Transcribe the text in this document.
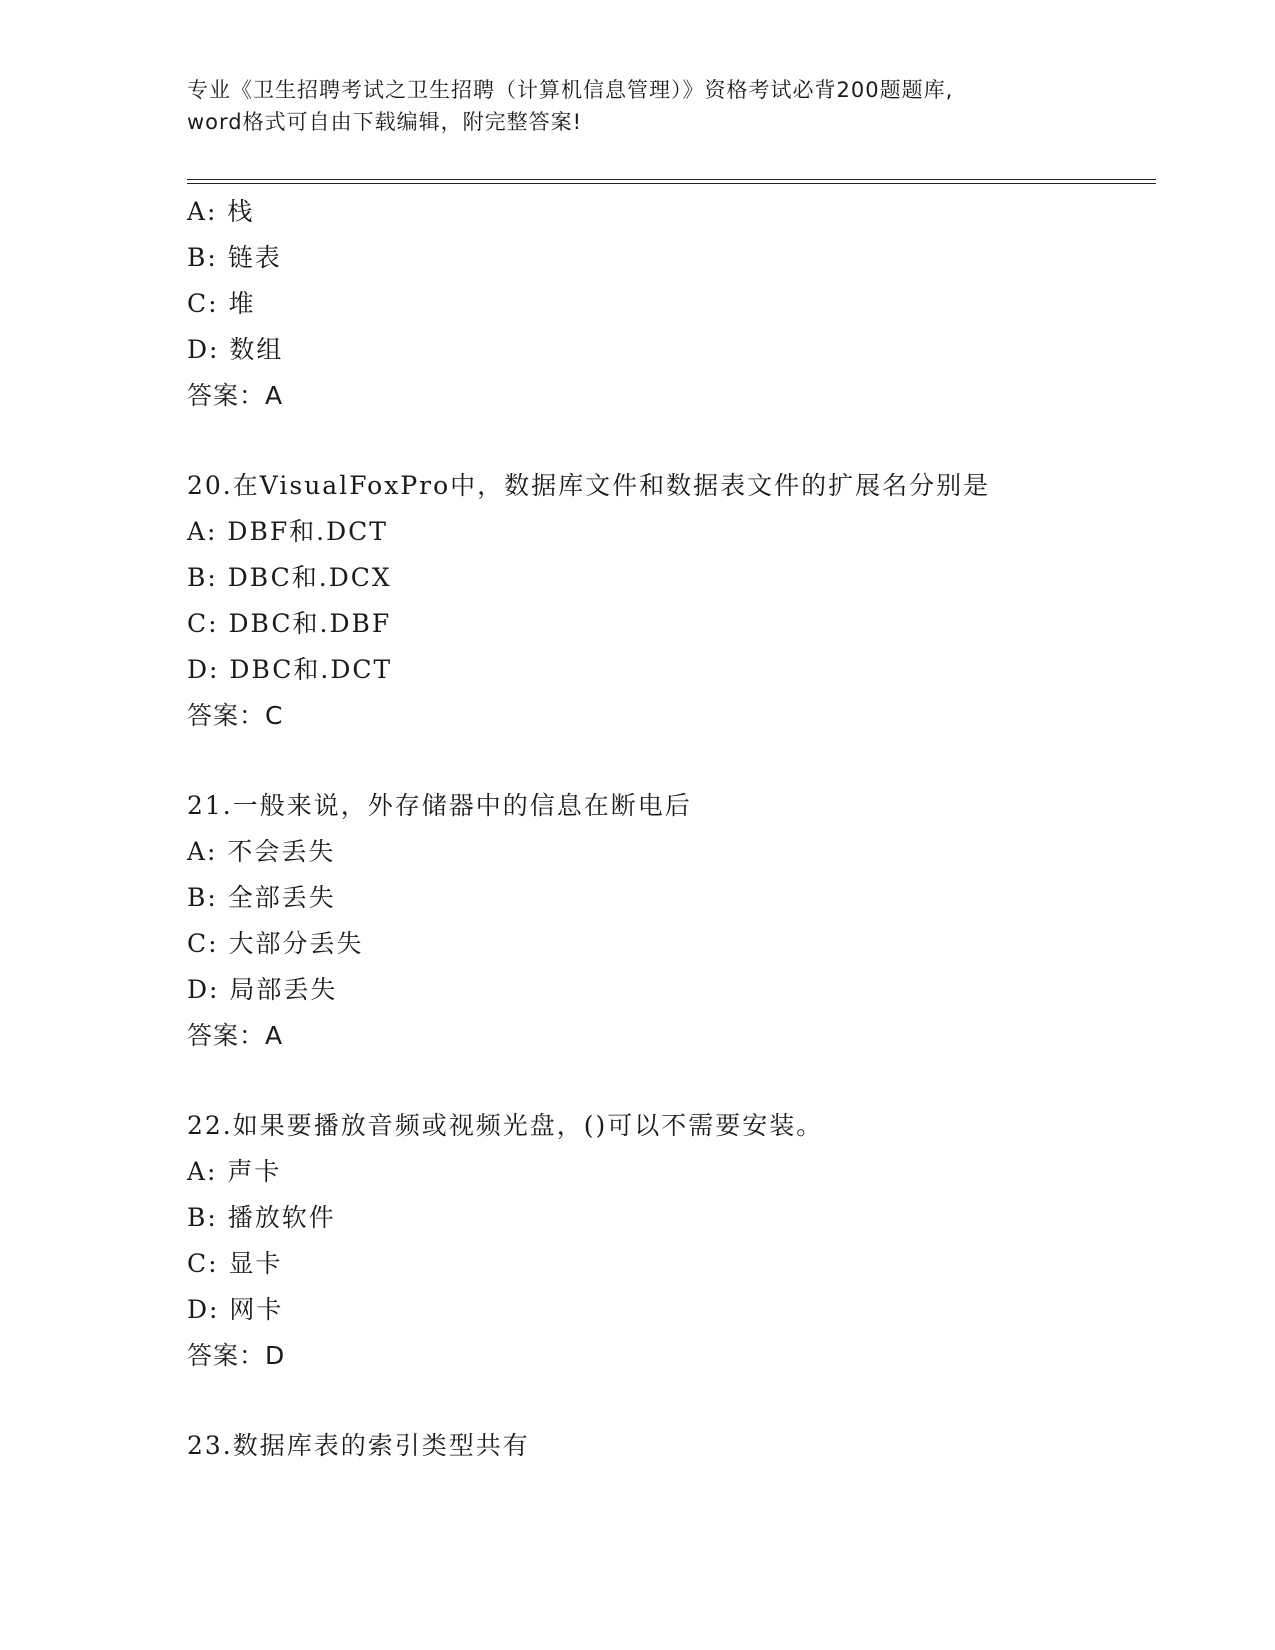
专业《卫生招聘考试之卫生招聘（计算机信息管理）》资格考试必背200题题库,
word格式可自由下载编辑，附完整答案!
A: 栈
B: 链表
C: 堆
D: 数组
答案：A
20.在VisualFoxPro中，数据库文件和数据表文件的扩展名分别是
A: DBF和.DCT
B: DBC和.DCX
C: DBC和.DBF
D: DBC和.DCT
答案：C
21.一般来说，外存储器中的信息在断电后
A: 不会丢失
B: 全部丢失
C: 大部分丢失
D: 局部丢失
答案：A
22.如果要播放音频或视频光盘，()可以不需要安装。
A: 声卡
B: 播放软件
C: 显卡
D: 网卡
答案：D
23.数据库表的索引类型共有
